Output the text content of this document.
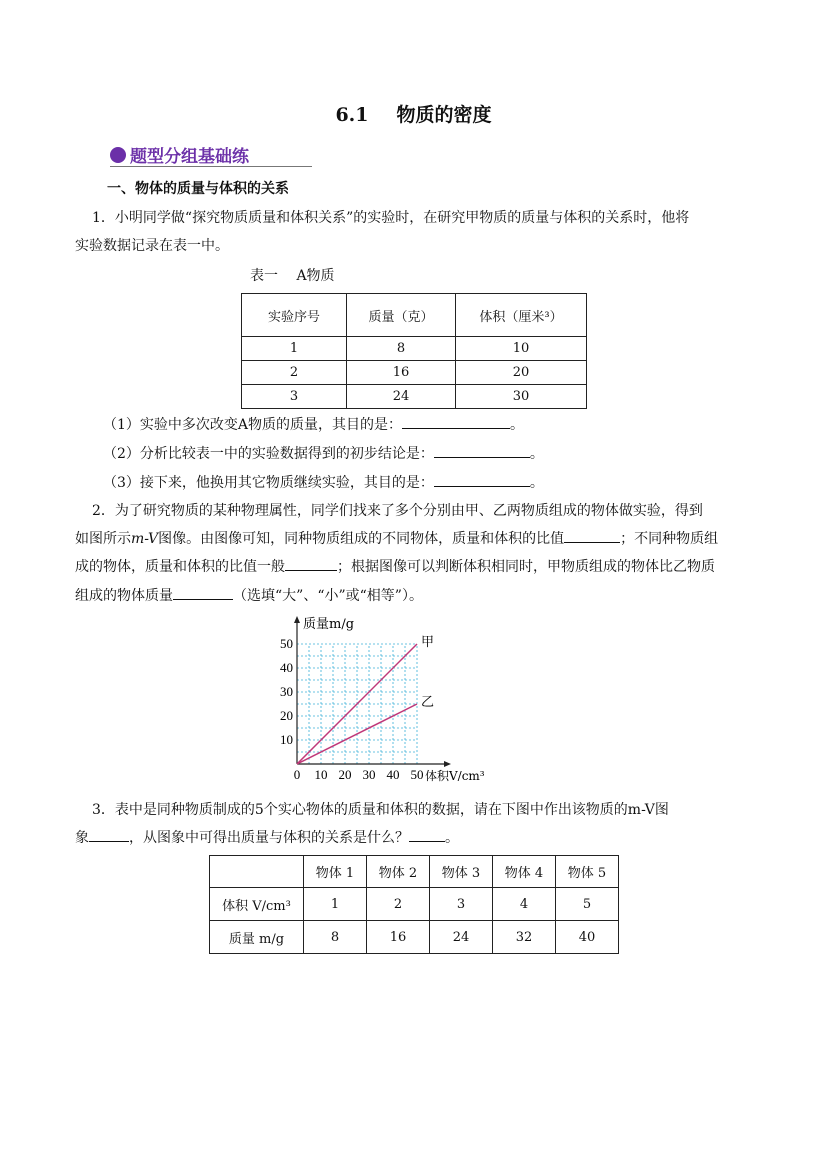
6.1 物质的密度
题型分组基础练
一、物体的质量与体积的关系
1．小明同学做“探究物质质量和体积关系”的实验时，在研究甲物质的质量与体积的关系时，他将
实验数据记录在表一中。
表一　 A物质
实验序号	质量（克）	体积（厘米³）
1	8	10
2	16	20
3	24	30
（1）实验中多次改变A物质的质量，其目的是：	。
（2）分析比较表一中的实验数据得到的初步结论是：	。
（3）接下来，他换用其它物质继续实验，其目的是：	。
2．为了研究物质的某种物理属性，同学们找来了多个分别由甲、乙两物质组成的物体做实验，得到
如图所示m-V图像。由图像可知，同种物质组成的不同物体，质量和体积的比值	；不同种物质组
成的物体，质量和体积的比值一般	；根据图像可以判断体积相同时，甲物质组成的物体比乙物质
组成的物体质量	（选填“大”、“小”或“相等”）。
0 10 20 30 40 50
10
20
30
40
50
质量m/g
体积V/cm³
甲
乙
3．表中是同种物质制成的5个实心物体的质量和体积的数据，请在下图中作出该物质的m-V图
象	，从图象中可得出质量与体积的关系是什么？	。
	物体 1	物体 2	物体 3	物体 4	物体 5
体积 V/cm³	1	2	3	4	5
质量 m/g	8	16	24	32	40
